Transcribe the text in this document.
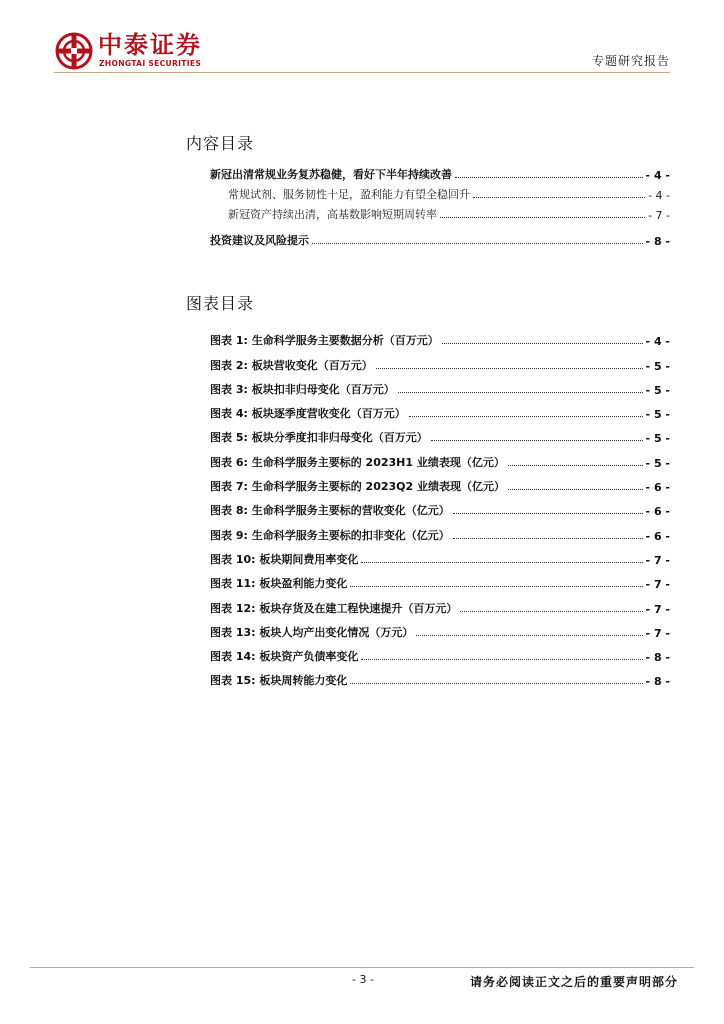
中泰证券
ZHONGTAI SECURITIES	专题研究报告
内容目录
新冠出清常规业务复苏稳健，看好下半年持续改善	- 4 -
常规试剂、服务韧性十足，盈利能力有望全稳回升	- 4 -
新冠资产持续出清，高基数影响短期周转率	- 7 -
投资建议及风险提示	- 8 -
图表目录
图表 1: 生命科学服务主要数据分析（百万元）	- 4 -
图表 2: 板块营收变化（百万元）	- 5 -
图表 3: 板块扣非归母变化（百万元）	- 5 -
图表 4: 板块逐季度营收变化（百万元）	- 5 -
图表 5: 板块分季度扣非归母变化（百万元）	- 5 -
图表 6: 生命科学服务主要标的 2023H1 业绩表现（亿元）	- 5 -
图表 7: 生命科学服务主要标的 2023Q2 业绩表现（亿元）	- 6 -
图表 8: 生命科学服务主要标的营收变化（亿元）	- 6 -
图表 9: 生命科学服务主要标的扣非变化（亿元）	- 6 -
图表 10: 板块期间费用率变化	- 7 -
图表 11: 板块盈利能力变化	- 7 -
图表 12: 板块存货及在建工程快速提升（百万元）	- 7 -
图表 13: 板块人均产出变化情况（万元）	- 7 -
图表 14: 板块资产负债率变化	- 8 -
图表 15: 板块周转能力变化	- 8 -
- 3 -	请务必阅读正文之后的重要声明部分
